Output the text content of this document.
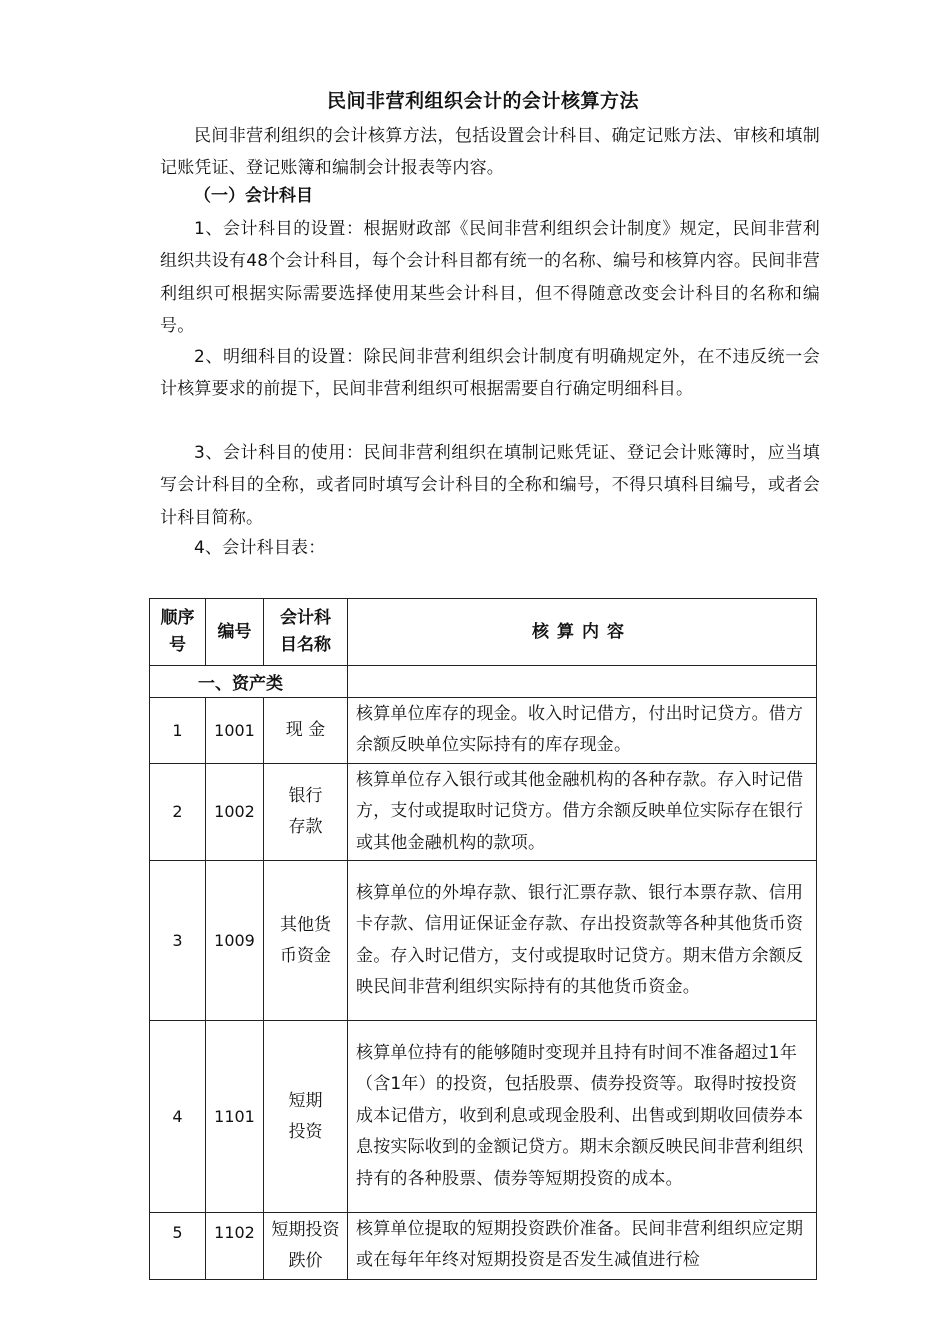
民间非营利组织会计的会计核算方法
民间非营利组织的会计核算方法，包括设置会计科目、确定记账方法、审核和填制记账凭证、登记账簿和编制会计报表等内容。
（一）会计科目
1、会计科目的设置：根据财政部《民间非营利组织会计制度》规定，民间非营利组织共设有48个会计科目，每个会计科目都有统一的名称、编号和核算内容。民间非营利组织可根据实际需要选择使用某些会计科目，但不得随意改变会计科目的名称和编号。
2、明细科目的设置：除民间非营利组织会计制度有明确规定外，在不违反统一会计核算要求的前提下，民间非营利组织可根据需要自行确定明细科目。
3、会计科目的使用：民间非营利组织在填制记账凭证、登记会计账簿时，应当填写会计科目的全称，或者同时填写会计科目的全称和编号，不得只填科目编号，或者会计科目简称。
4、会计科目表：
顺序号	编号	会计科目名称	核算内容
一、资产类			
1	1001	现 金	核算单位库存的现金。收入时记借方，付出时记贷方。借方余额反映单位实际持有的库存现金。
2	1002	银行存款	核算单位存入银行或其他金融机构的各种存款。存入时记借方，支付或提取时记贷方。借方余额反映单位实际存在银行或其他金融机构的款项。
3	1009	其他货币资金	核算单位的外埠存款、银行汇票存款、银行本票存款、信用卡存款、信用证保证金存款、存出投资款等各种其他货币资金。存入时记借方，支付或提取时记贷方。期末借方余额反映民间非营利组织实际持有的其他货币资金。
4	1101	短期投资	核算单位持有的能够随时变现并且持有时间不准备超过1年（含1年）的投资，包括股票、债券投资等。取得时按投资成本记借方，收到利息或现金股利、出售或到期收回债券本息按实际收到的金额记贷方。期末余额反映民间非营利组织持有的各种股票、债券等短期投资的成本。
5	1102	短期投资跌价	核算单位提取的短期投资跌价准备。民间非营利组织应定期或在每年年终对短期投资是否发生减值进行检
